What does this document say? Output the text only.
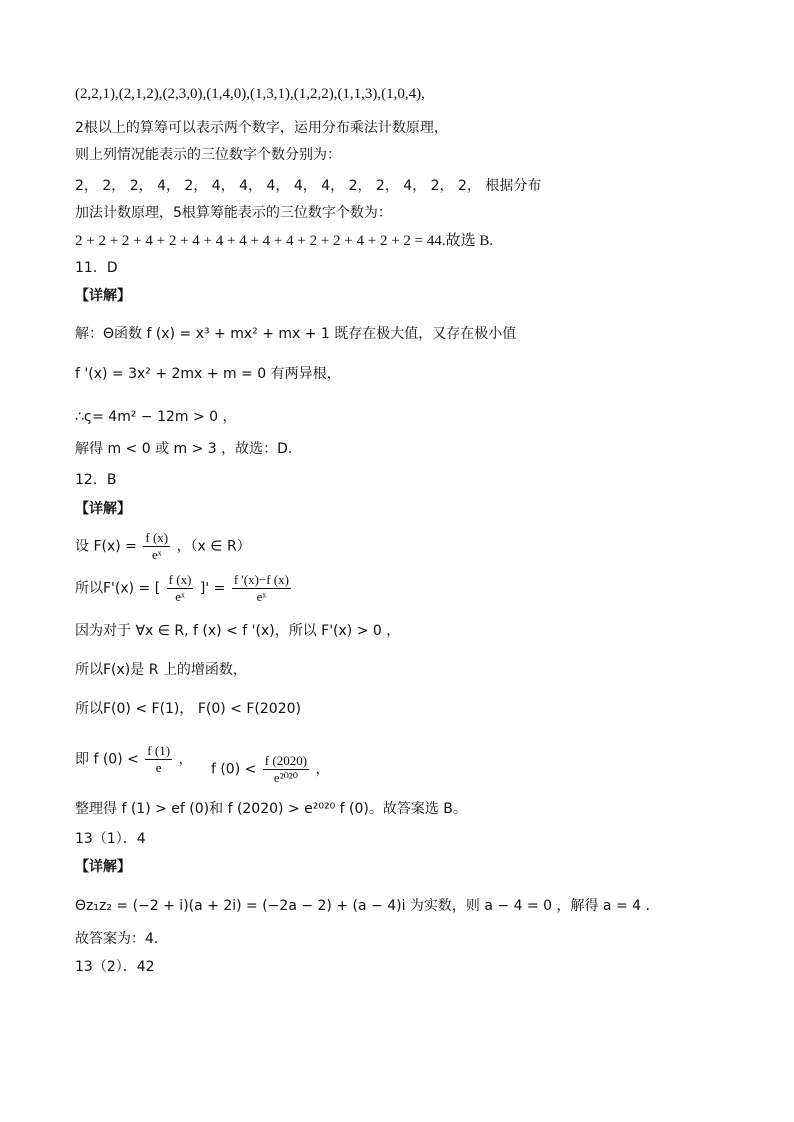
(2,2,1),(2,1,2),(2,3,0),(1,4,0),(1,3,1),(1,2,2),(1,1,3),(1,0,4),
2根以上的算筹可以表示两个数字，运用分布乘法计数原理，
则上列情况能表示的三位数字个数分别为：
2， 2， 2， 4， 2， 4， 4， 4， 4， 4， 2， 2， 4， 2， 2， 根据分布
加法计数原理，5根算筹能表示的三位数字个数为：
2 + 2 + 2 + 4 + 2 + 4 + 4 + 4 + 4 + 4 + 2 + 2 + 4 + 2 + 2 = 44.故选 B.
11．D
【详解】
解：Θ函数 f (x) = x³ + mx² + mx + 1 既存在极大值，又存在极小值
f '(x) = 3x² + 2mx + m = 0 有两异根，
∴ς= 4m² − 12m > 0 ，
解得 m < 0 或 m > 3 ，故选：D．
12．B
【详解】
设 $F(x) = \frac{f (x)}{\text{eˣ}}$ ，（x ∈ R）
所以F'(x) = [ $\frac{f (x)}{\text{eˣ}}$ ]' = $\frac{f '(x)-f (x)}{\text{eˣ}}$
因为对于 ∀x ∈ R, f (x) < f '(x)，所以 F'(x) > 0 ，
所以F(x)是 R 上的增函数，
所以F(0) < F(1)， F(0) < F(2020)
即 f $(0) < \frac{f (1)}{e}$ ， f $(0) < \frac{f (2020)}{\text{e²⁰²⁰}}$ ，
整理得 f (1) > ef (0)和 f (2020) > e²⁰²⁰ f (0)。故答案选 B。
13（1）．4
【详解】
Θz₁z₂ = (−2 + i)(a + 2i) = (−2a − 2) + (a − 4)i 为实数，则 a − 4 = 0 ，解得 a = 4 .
故答案为：4.
13（2）．42
